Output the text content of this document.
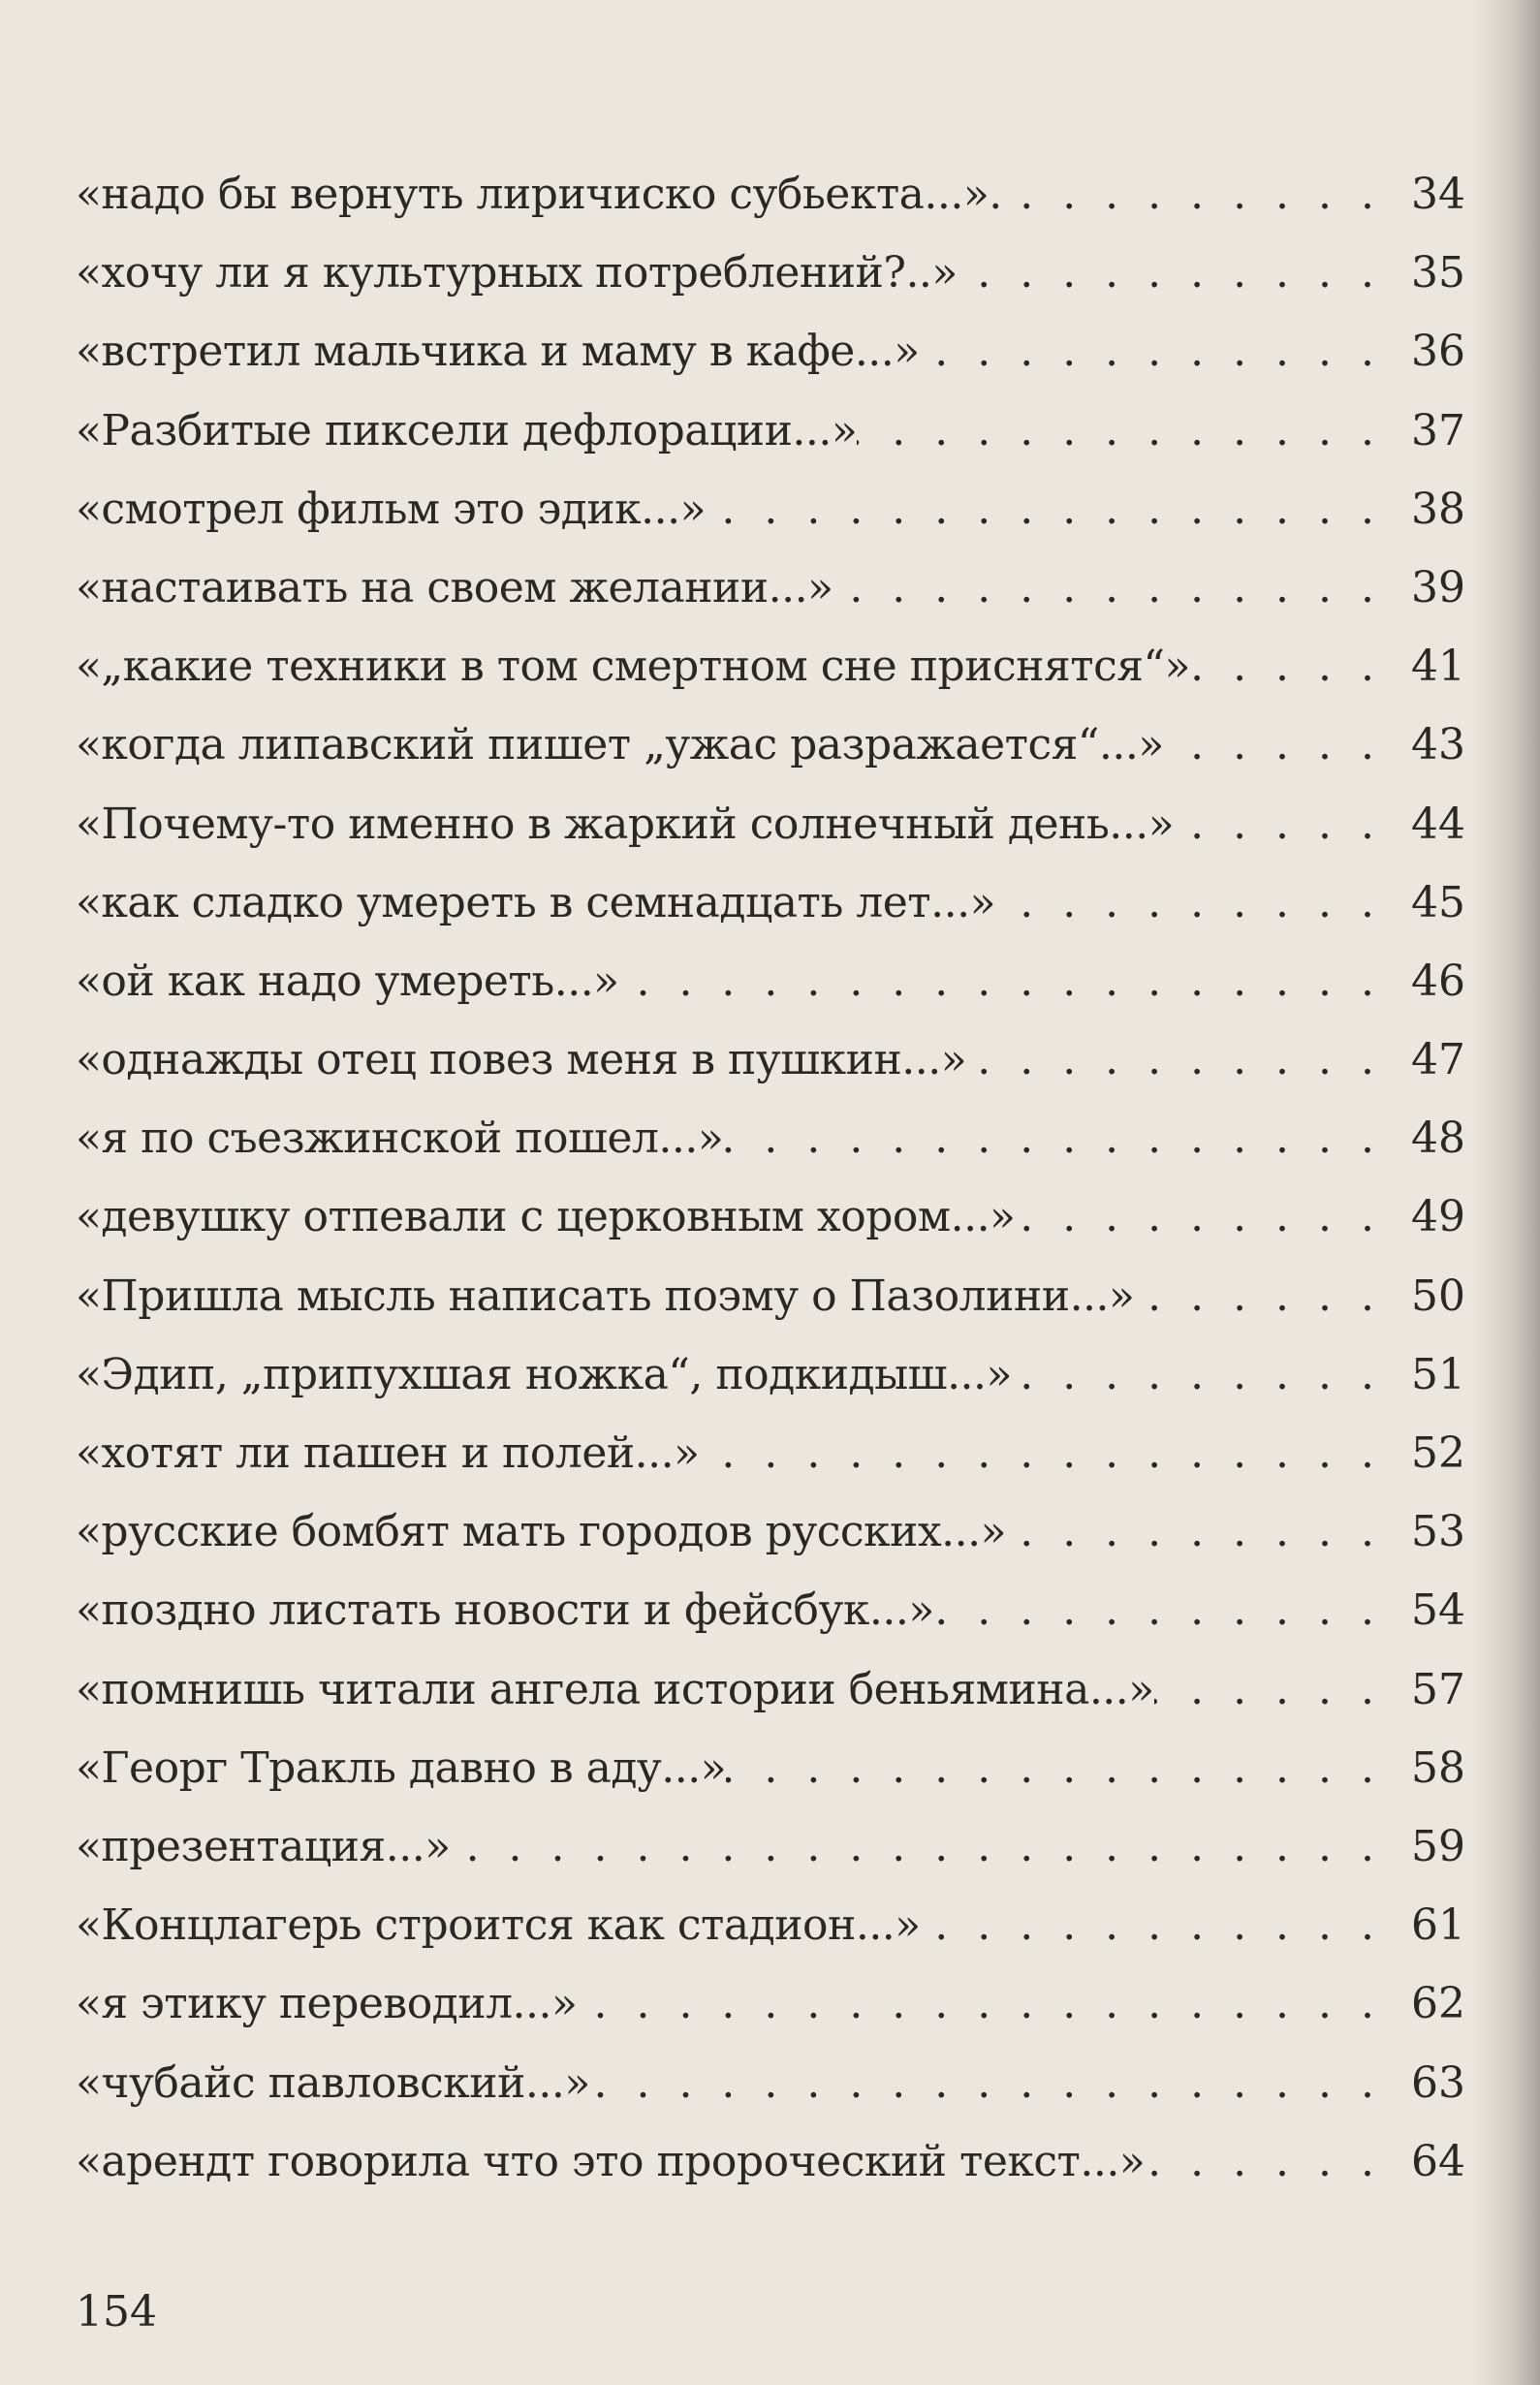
«надо бы вернуть лиричиско субьекта...». . . .	34
«хочу ли я культурных потреблений?..» . . .	35
«встретил мальчика и маму в кафе...» . . .	36
«Разбитые пиксели дефлорации...» . . .	37
«смотрел фильм это эдик...» . . .	38
«настаивать на своем желании...» . . .	39
«„какие техники в том смертном сне приснятся“» . . .	41
«когда липавский пишет „ужас разражается“...» . . .	43
«Почему-то именно в жаркий солнечный день...» . . .	44
«как сладко умереть в семнадцать лет...» . . .	45
«ой как надо умереть...» . . .	46
«однажды отец повез меня в пушкин...» . . .	47
«я по съезжинской пошел...» . . .	48
«девушку отпевали с церковным хором...» . . .	49
«Пришла мысль написать поэму о Пазолини...» . . .	50
«Эдип, „припухшая ножка“, подкидыш...» . . .	51
«хотят ли пашен и полей...» . . .	52
«русские бомбят мать городов русских...» . . .	53
«поздно листать новости и фейсбук...» . . .	54
«помнишь читали ангела истории беньямина...» . . .	57
«Георг Тракль давно в аду...» . . .	58
«презентация...» . . .	59
«Концлагерь строится как стадион...» . . .	61
«я этику переводил...» . . .	62
«чубайс павловский...» . . .	63
«арендт говорила что это пророческий текст...» . . .	64
154
